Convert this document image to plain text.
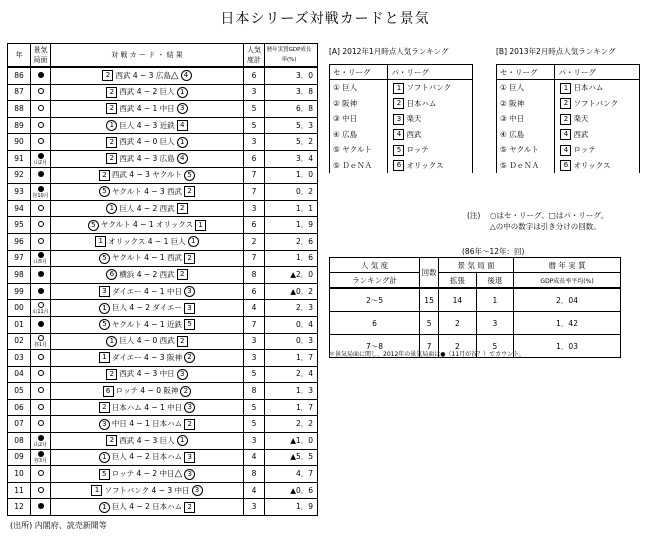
日本シリーズ対戦カードと景気
年	景気局面	対 戦 カ ー ド ・ 結 果	人気度計	暦年実質GDP成長率(%)
86		2 西武 4 − 3 広島△ 4	6	3．0
87		2 西武 4 − 2 巨人 1	3	3．8
88		2 西武 4 − 1 中日 3	5	6．8
89		1 巨人 4 − 3 近鉄 4	5	5．3
90		2 西武 4 − 0 巨人 1	3	5．2
91	山2月	2 西武 4 − 3 広島 4	6	3．4
92		2 西武 4 − 3 ヤクルト 5	7	1．0
93	谷10月	5 ヤクルト 4 − 3 西武 2	7	0．2
94		1 巨人 4 − 2 西武 2	3	1．1
95		5 ヤクルト 4 − 1 オリックス 1	6	1．9
96		1 オリックス 4 − 1 巨人 1	2	2．6
97	山5月	5 ヤクルト 4 − 1 西武 2	7	1．6
98		6 横浜 4 − 2 西武 2	8	▲2．0
99		3 ダイエー 4 − 1 中日 3	6	▲0．2
00	山11月	1 巨人 4 − 2 ダイエー 3	4	2．3
01		5 ヤクルト 4 − 1 近鉄 5	7	0．4
02	谷1月	1 巨人 4 − 0 西武 2	3	0．3
03		1 ダイエー 4 − 3 阪神 2	3	1．7
04		2 西武 4 − 3 中日 3	5	2．4
05		6 ロッテ 4 − 0 阪神 2	8	1．3
06		2 日本ハム 4 − 1 中日 3	5	1．7
07		3 中日 4 − 1 日本ハム 2	5	2．2
08	山2月	2 西武 4 − 3 巨人 1	3	▲1．0
09	谷3月	1 巨人 4 − 2 日本ハム 3	4	▲5．5
10		5 ロッテ 4 − 2 中日△ 3	8	4．7
11		1 ソフトバンク 4 − 3 中日 3	4	▲0．6
12		1 巨人 4 − 2 日本ハム 2	3	1．9
[A] 2012年1月時点人気ランキング
セ・リーグ	パ・リーグ
① 巨人	1 ソフトバンク
② 阪神	2 日本ハム
③ 中日	3 楽天
④ 広島	4 西武
⑤ ヤクルト	5 ロッテ
⑤ ＤｅＮＡ	6 オリックス
[B] 2013年2月時点人気ランキング
セ・リーグ	パ・リーグ
① 巨人	1 日本ハム
② 阪神	2 ソフトバンク
③ 中日	2 楽天
④ 広島	4 西武
⑤ ヤクルト	4 ロッテ
⑤ ＤｅＮＡ	6 オリックス
(注) ○はセ・リーグ、□はパ・リーグ。
△の中の数字は引き分けの回数。
(86年〜12年：回)
人 気 度	回数	景 気 局 面		暦 年 実 質
ランキング計		拡張	後退	GDP成長率平均(%)
2〜5	15	14	1	2．04
6	5	2	3	1．42
7〜8	7	2	5	1．03
＊景気局面に関し、2012年の景気局面は●（11月が谷？）でカウント。
(出所) 内閣府、読売新聞等
